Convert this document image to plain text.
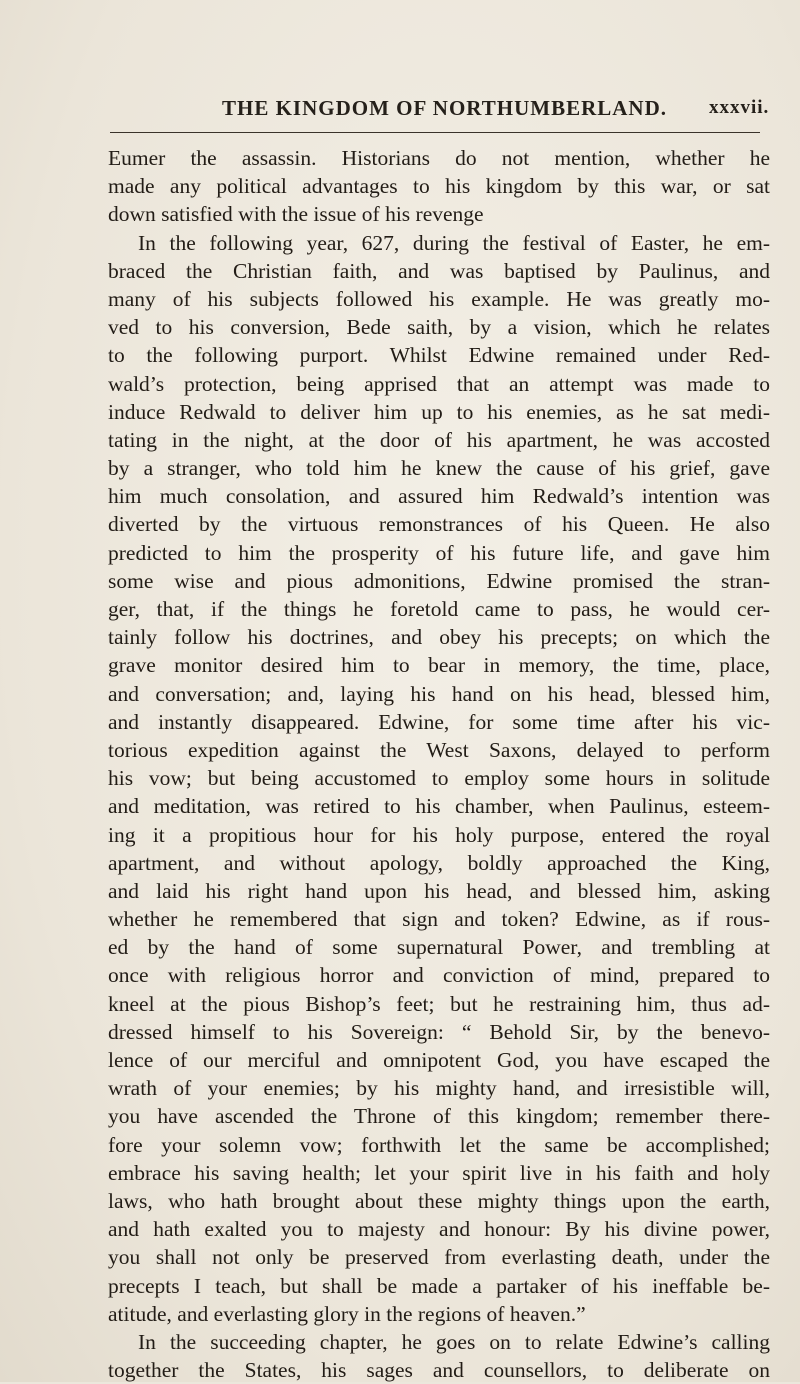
THE KINGDOM OF NORTHUMBERLAND. xxxvii.
Eumer the assassin. Historians do not mention, whether he
made any political advantages to his kingdom by this war, or sat
down satisfied with the issue of his revenge
In the following year, 627, during the festival of Easter, he em-
braced the Christian faith, and was baptised by Paulinus, and
many of his subjects followed his example. He was greatly mo-
ved to his conversion, Bede saith, by a vision, which he relates
to the following purport. Whilst Edwine remained under Red-
wald’s protection, being apprised that an attempt was made to
induce Redwald to deliver him up to his enemies, as he sat medi-
tating in the night, at the door of his apartment, he was accosted
by a stranger, who told him he knew the cause of his grief, gave
him much consolation, and assured him Redwald’s intention was
diverted by the virtuous remonstrances of his Queen. He also
predicted to him the prosperity of his future life, and gave him
some wise and pious admonitions, Edwine promised the stran-
ger, that, if the things he foretold came to pass, he would cer-
tainly follow his doctrines, and obey his precepts; on which the
grave monitor desired him to bear in memory, the time, place,
and conversation; and, laying his hand on his head, blessed him,
and instantly disappeared. Edwine, for some time after his vic-
torious expedition against the West Saxons, delayed to perform
his vow; but being accustomed to employ some hours in solitude
and meditation, was retired to his chamber, when Paulinus, esteem-
ing it a propitious hour for his holy purpose, entered the royal
apartment, and without apology, boldly approached the King,
and laid his right hand upon his head, and blessed him, asking
whether he remembered that sign and token? Edwine, as if rous-
ed by the hand of some supernatural Power, and trembling at
once with religious horror and conviction of mind, prepared to
kneel at the pious Bishop’s feet; but he restraining him, thus ad-
dressed himself to his Sovereign: “ Behold Sir, by the benevo-
lence of our merciful and omnipotent God, you have escaped the
wrath of your enemies; by his mighty hand, and irresistible will,
you have ascended the Throne of this kingdom; remember there-
fore your solemn vow; forthwith let the same be accomplished;
embrace his saving health; let your spirit live in his faith and holy
laws, who hath brought about these mighty things upon the earth,
and hath exalted you to majesty and honour: By his divine power,
you shall not only be preserved from everlasting death, under the
precepts I teach, but shall be made a partaker of his ineffable be-
atitude, and everlasting glory in the regions of heaven.”
In the succeeding chapter, he goes on to relate Edwine’s calling
together the States, his sages and counsellors, to deliberate on
